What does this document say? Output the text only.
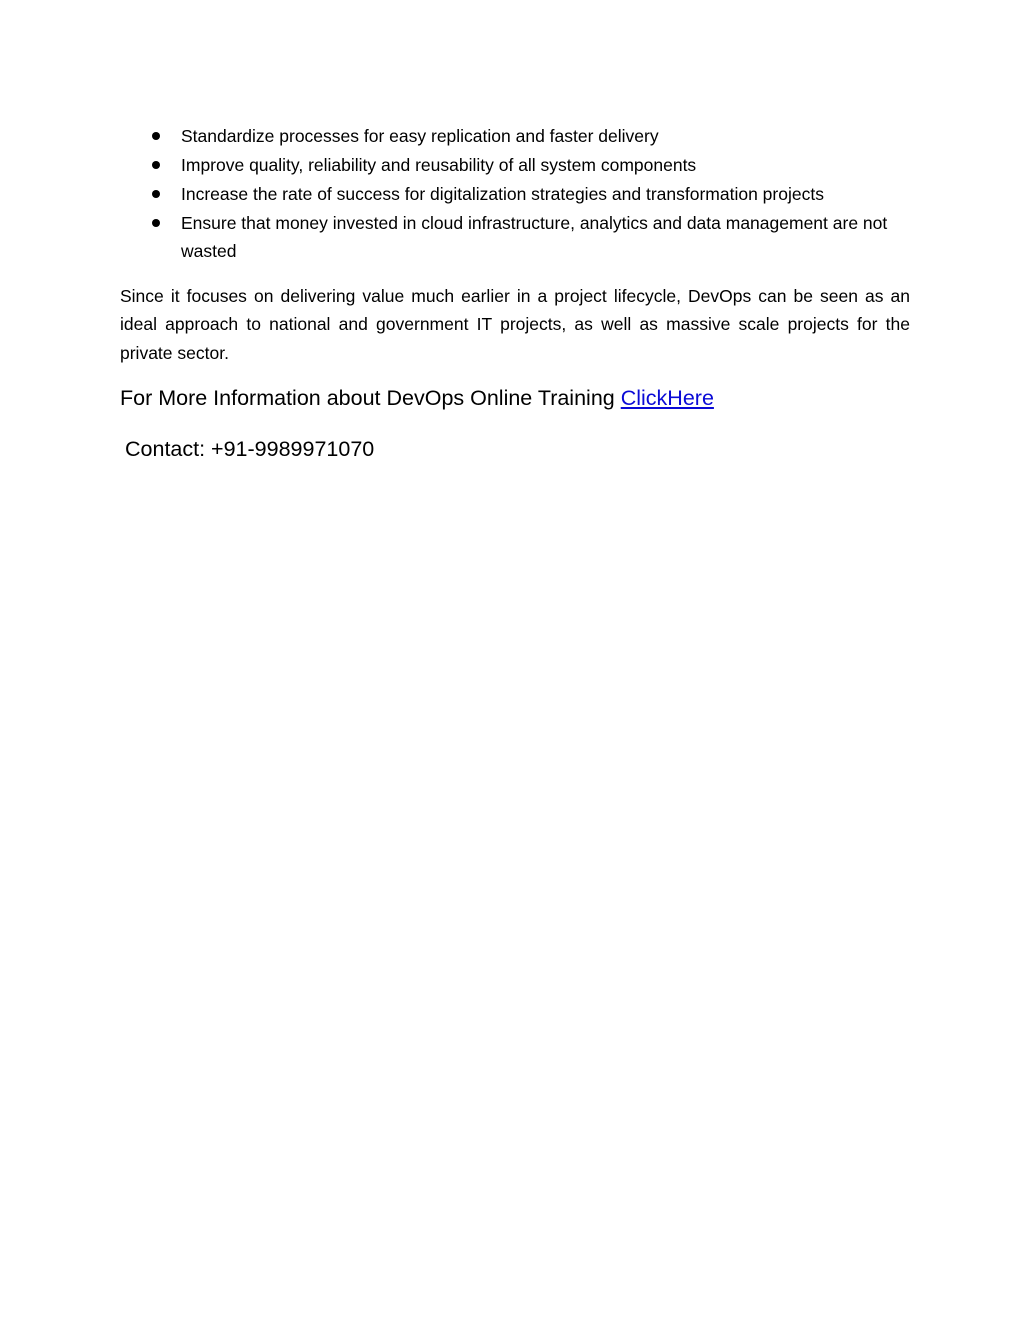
Standardize processes for easy replication and faster delivery
Improve quality, reliability and reusability of all system components
Increase the rate of success for digitalization strategies and transformation projects
Ensure that money invested in cloud infrastructure, analytics and data management are not wasted

Since it focuses on delivering value much earlier in a project lifecycle, DevOps can be seen as an ideal approach to national and government IT projects, as well as massive scale projects for the private sector.

For More Information about DevOps Online Training ClickHere

Contact: +91-9989971070
